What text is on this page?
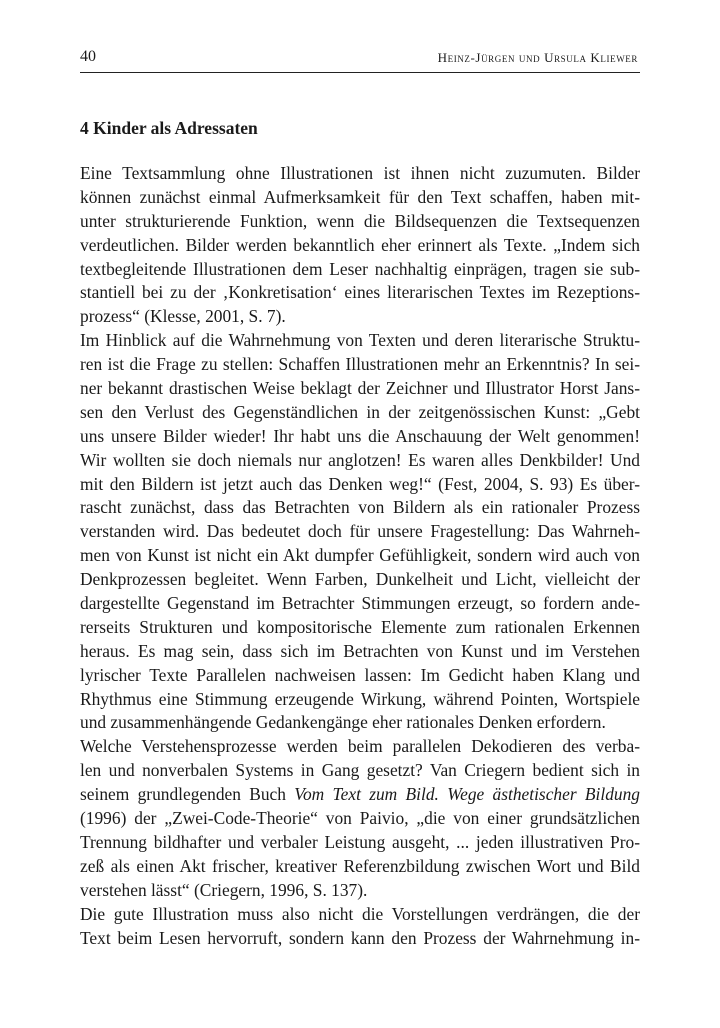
40	Heinz-Jürgen und Ursula Kliewer
4 Kinder als Adressaten
Eine Textsammlung ohne Illustrationen ist ihnen nicht zuzumuten. Bilder
können zunächst einmal Aufmerksamkeit für den Text schaffen, haben mit-
unter strukturierende Funktion, wenn die Bildsequenzen die Textsequenzen
verdeutlichen. Bilder werden bekanntlich eher erinnert als Texte. „Indem sich
textbegleitende Illustrationen dem Leser nachhaltig einprägen, tragen sie sub-
stantiell bei zu der ‚Konkretisation‘ eines literarischen Textes im Rezeptions-
prozess“ (Klesse, 2001, S. 7).
Im Hinblick auf die Wahrnehmung von Texten und deren literarische Struktu-
ren ist die Frage zu stellen: Schaffen Illustrationen mehr an Erkenntnis? In sei-
ner bekannt drastischen Weise beklagt der Zeichner und Illustrator Horst Jans-
sen den Verlust des Gegenständlichen in der zeitgenössischen Kunst: „Gebt
uns unsere Bilder wieder! Ihr habt uns die Anschauung der Welt genommen!
Wir wollten sie doch niemals nur anglotzen! Es waren alles Denkbilder! Und
mit den Bildern ist jetzt auch das Denken weg!“ (Fest, 2004, S. 93) Es über-
rascht zunächst, dass das Betrachten von Bildern als ein rationaler Prozess
verstanden wird. Das bedeutet doch für unsere Fragestellung: Das Wahrneh-
men von Kunst ist nicht ein Akt dumpfer Gefühligkeit, sondern wird auch von
Denkprozessen begleitet. Wenn Farben, Dunkelheit und Licht, vielleicht der
dargestellte Gegenstand im Betrachter Stimmungen erzeugt, so fordern ande-
rerseits Strukturen und kompositorische Elemente zum rationalen Erkennen
heraus. Es mag sein, dass sich im Betrachten von Kunst und im Verstehen
lyrischer Texte Parallelen nachweisen lassen: Im Gedicht haben Klang und
Rhythmus eine Stimmung erzeugende Wirkung, während Pointen, Wortspiele
und zusammenhängende Gedankengänge eher rationales Denken erfordern.
Welche Verstehensprozesse werden beim parallelen Dekodieren des verba-
len und nonverbalen Systems in Gang gesetzt? Van Criegern bedient sich in
seinem grundlegenden Buch Vom Text zum Bild. Wege ästhetischer Bildung
(1996) der „Zwei-Code-Theorie“ von Paivio, „die von einer grundsätzlichen
Trennung bildhafter und verbaler Leistung ausgeht, ... jeden illustrativen Pro-
zeß als einen Akt frischer, kreativer Referenzbildung zwischen Wort und Bild
verstehen lässt“ (Criegern, 1996, S. 137).
Die gute Illustration muss also nicht die Vorstellungen verdrängen, die der
Text beim Lesen hervorruft, sondern kann den Prozess der Wahrnehmung in-
